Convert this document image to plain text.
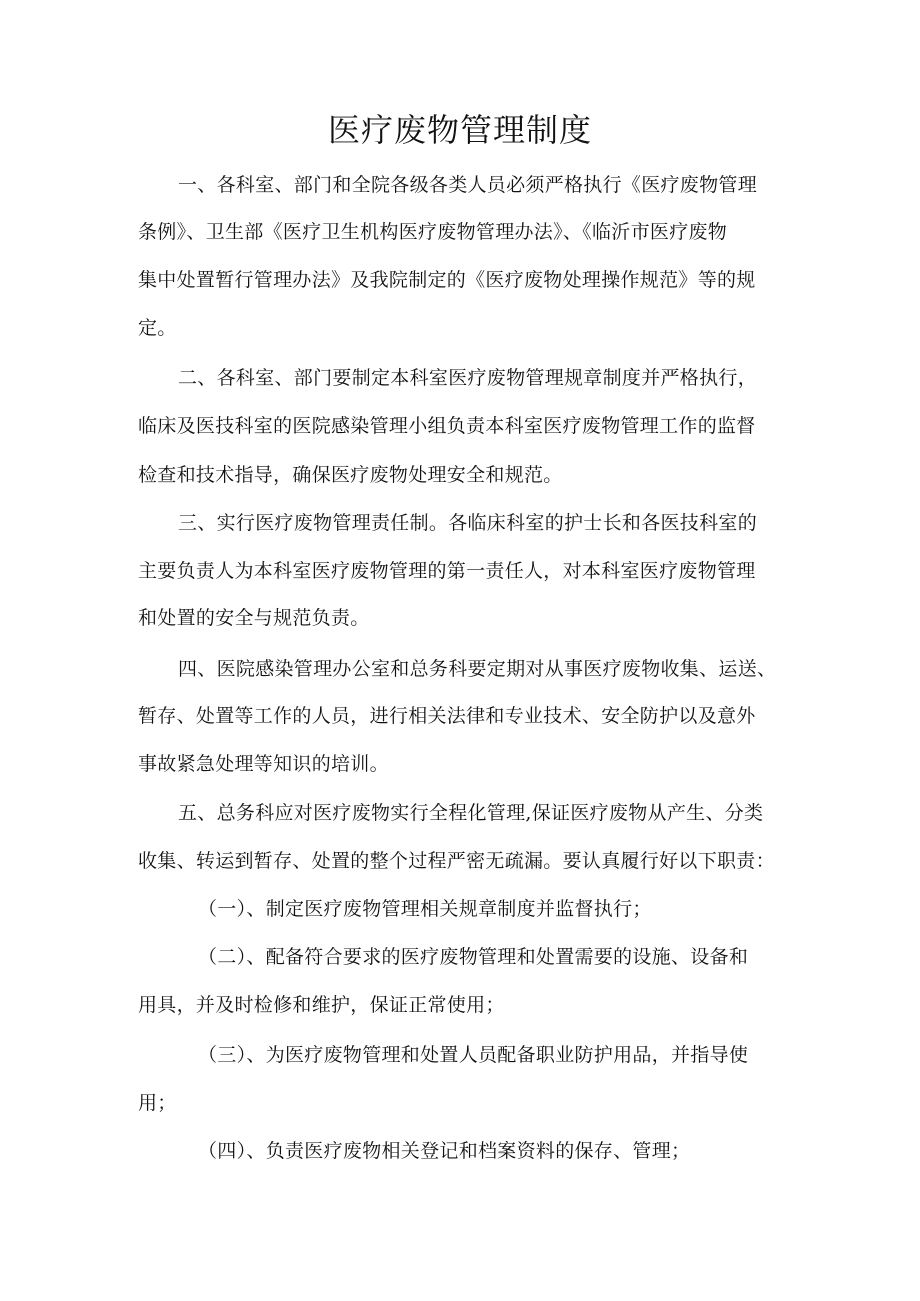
医疗废物管理制度
一、各科室、部门和全院各级各类人员必须严格执行《医疗废物管理
条例》、卫生部《医疗卫生机构医疗废物管理办法》、《临沂市医疗废物
集中处置暂行管理办法》及我院制定的《医疗废物处理操作规范》等的规
定。
二、各科室、部门要制定本科室医疗废物管理规章制度并严格执行，
临床及医技科室的医院感染管理小组负责本科室医疗废物管理工作的监督
检查和技术指导，确保医疗废物处理安全和规范。
三、实行医疗废物管理责任制。各临床科室的护士长和各医技科室的
主要负责人为本科室医疗废物管理的第一责任人，对本科室医疗废物管理
和处置的安全与规范负责。
四、医院感染管理办公室和总务科要定期对从事医疗废物收集、运送、
暂存、处置等工作的人员，进行相关法律和专业技术、安全防护以及意外
事故紧急处理等知识的培训。
五、总务科应对医疗废物实行全程化管理,保证医疗废物从产生、分类
收集、转运到暂存、处置的整个过程严密无疏漏。要认真履行好以下职责：
（一）、制定医疗废物管理相关规章制度并监督执行；
（二）、配备符合要求的医疗废物管理和处置需要的设施、设备和
用具，并及时检修和维护，保证正常使用；
（三）、为医疗废物管理和处置人员配备职业防护用品，并指导使
用；
（四）、负责医疗废物相关登记和档案资料的保存、管理；
